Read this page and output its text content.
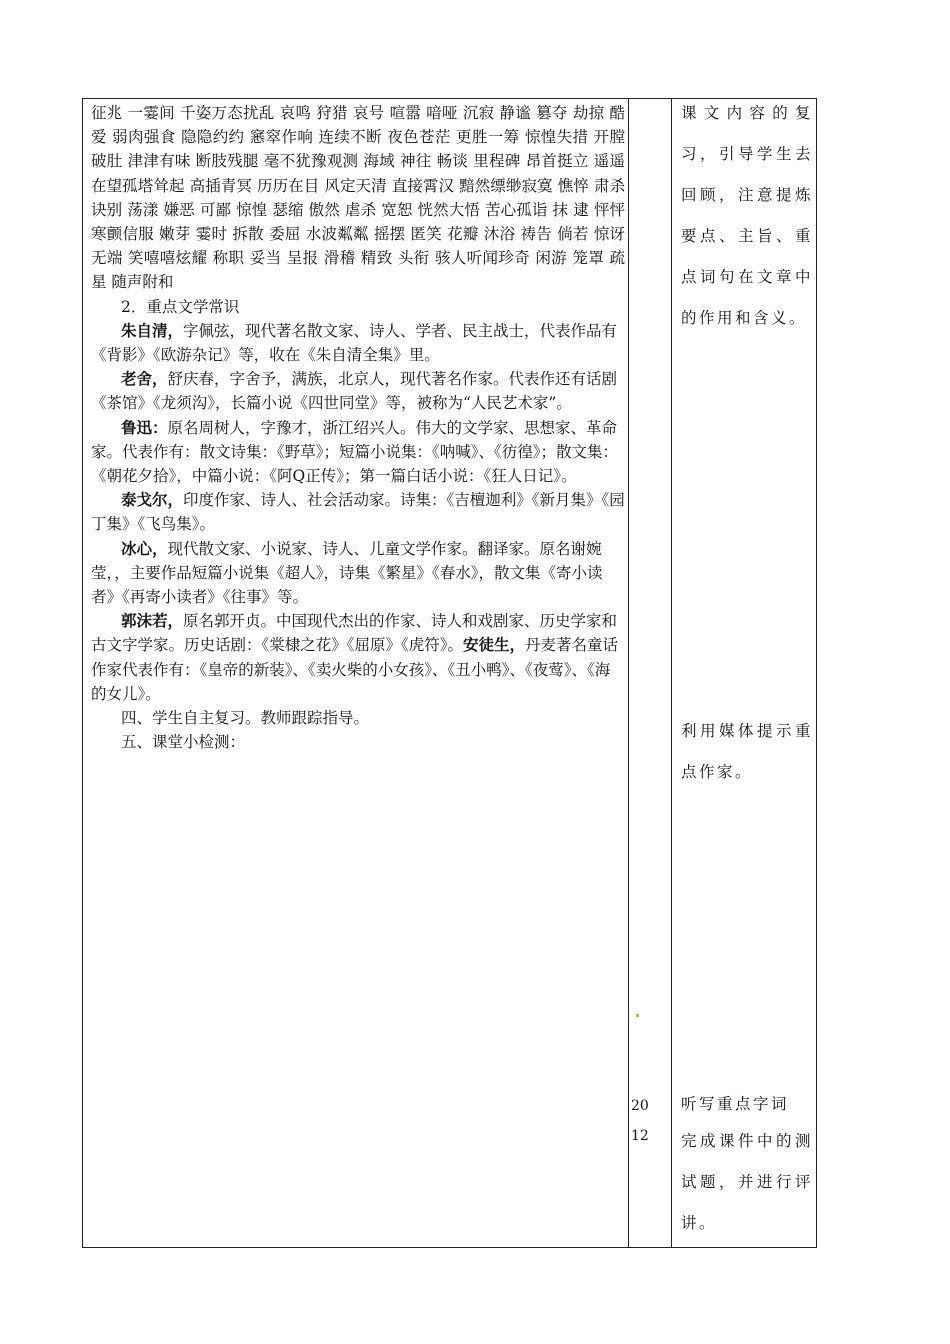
征兆 一霎间 千姿万态扰乱 哀鸣 狩猎 哀号 喧嚣 喑哑 沉寂 静谧 篡夺 劫掠 酷爱 弱肉强食 隐隐约约 窸窣作响 连续不断 夜色苍茫 更胜一筹 惊惶失措 开膛破肚 津津有味 断肢残腿 毫不犹豫观测 海域 神往 畅谈 里程碑 昂首挺立 遥遥在望孤塔耸起 高插青冥 历历在目 风定天清 直接霄汉 黯然缥缈寂寞 憔悴 肃杀 诀别 荡漾 嫌恶 可鄙 惊惶 瑟缩 傲然 虐杀 宽恕 恍然大悟 苦心孤诣 抹 逮 怦怦 寒颤信服 嫩芽 霎时 拆散 委屈 水波粼粼 摇摆 匿笑 花瓣 沐浴 祷告 倘若 惊讶 无端 笑嘻嘻炫耀 称职 妥当 呈报 滑稽 精致 头衔 骇人听闻珍奇 闲游 笼罩 疏星 随声附和

2．重点文学常识

朱自清，字佩弦，现代著名散文家、诗人、学者、民主战士，代表作品有《背影》《欧游杂记》等，收在《朱自清全集》里。

老舍，舒庆春，字舍予，满族，北京人，现代著名作家。代表作还有话剧《茶馆》《龙须沟》，长篇小说《四世同堂》等，被称为“人民艺术家”。

鲁迅：原名周树人，字豫才，浙江绍兴人。伟大的文学家、思想家、革命家。代表作有：散文诗集：《野草》；短篇小说集：《呐喊》、《彷徨》；散文集：《朝花夕拾》，中篇小说：《阿Q正传》；第一篇白话小说：《狂人日记》。

泰戈尔，印度作家、诗人、社会活动家。诗集：《吉檀迦利》《新月集》《园丁集》《飞鸟集》。

冰心，现代散文家、小说家、诗人、儿童文学作家。翻译家。原名谢婉莹，，主要作品短篇小说集《超人》，诗集《繁星》《春水》，散文集《寄小读者》《再寄小读者》《往事》等。

郭沫若，原名郭开贞。中国现代杰出的作家、诗人和戏剧家、历史学家和古文字学家。历史话剧：《棠棣之花》《屈原》《虎符》。安徒生，丹麦著名童话作家代表作有：《皇帝的新装》、《卖火柴的小女孩》、《丑小鸭》、《夜莺》、《海的女儿》。

四、学生自主复习。教师跟踪指导。

五、课堂小检测：

20
12

课文内容的复习，引导学生去回顾，注意提炼要点、主旨、重点词句在文章中的作用和含义。

利用媒体提示重点作家。

听写重点字词

完成课件中的测试题，并进行评讲。
